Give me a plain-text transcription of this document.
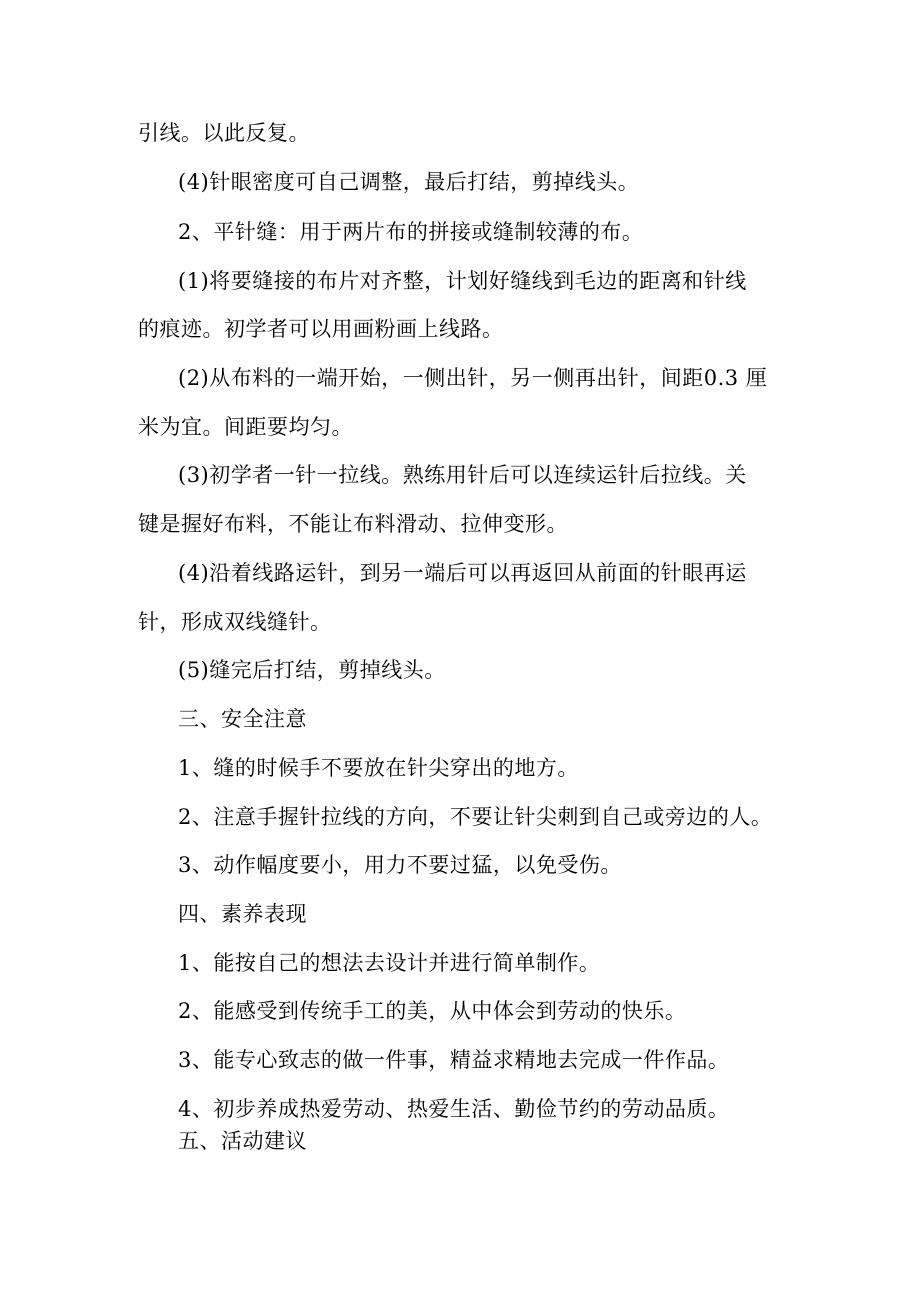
引线。以此反复。
(4)针眼密度可自己调整，最后打结，剪掉线头。
2、平针缝：用于两片布的拼接或缝制较薄的布。
(1)将要缝接的布片对齐整，计划好缝线到毛边的距离和针线
的痕迹。初学者可以用画粉画上线路。
(2)从布料的一端开始，一侧出针，另一侧再出针，间距0.3 厘
米为宜。间距要均匀。
(3)初学者一针一拉线。熟练用针后可以连续运针后拉线。关
键是握好布料，不能让布料滑动、拉伸变形。
(4)沿着线路运针，到另一端后可以再返回从前面的针眼再运
针，形成双线缝针。
(5)缝完后打结，剪掉线头。
三、安全注意
1、缝的时候手不要放在针尖穿出的地方。
2、注意手握针拉线的方向，不要让针尖刺到自己或旁边的人。
3、动作幅度要小，用力不要过猛，以免受伤。
四、素养表现
1、能按自己的想法去设计并进行简单制作。
2、能感受到传统手工的美，从中体会到劳动的快乐。
3、能专心致志的做一件事，精益求精地去完成一件作品。
4、初步养成热爱劳动、热爱生活、勤俭节约的劳动品质。
五、活动建议
